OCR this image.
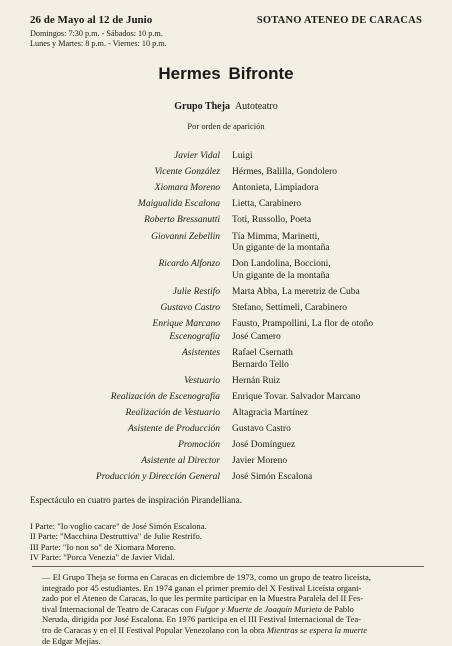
26 de Mayo al 12 de Junio
Domingos: 7:30 p.m. - Sábados: 10 p.m.
Lunes y Martes: 8 p.m. - Viernes: 10 p.m.
SOTANO ATENEO DE CARACAS
Hermes Bifronte
Grupo Theja Autoteatro
Por orden de aparición
Javier Vidal Luigi
Vicente González Hérmes, Balilla, Gondolero
Xiomara Moreno Antonieta, Limpiadora
Maigualida Escalona Lietta, Carabinero
Roberto Bressanutti Toti, Russollo, Poeta
Giovanni Zebellin Tía Mimma, Marinetti,
Un gigante de la montaña
Ricardo Alfonzo Don Landolina, Boccioni,
Un gigante de la montaña
Julie Restifo Marta Abba, La meretriz de Cuba
Gustavo Castro Stefano, Settimeli, Carabinero
Enrique Marcano Fausto, Prampollini, La flor de otoño
Escenografía José Camero
Asistentes Rafael Csernath
Bernardo Tello
Vestuario Hernán Ruiz
Realización de Escenografía Enrique Tovar. Salvador Marcano
Realización de Vestuario Altagracia Martínez
Asistente de Producción Gustavo Castro
Promoción José Domínguez
Asistente al Director Javier Moreno
Producción y Dirección General José Simón Escalona
Espectáculo en cuatro partes de inspiración Pirandelliana.
I Parte: "Io voglio cacare" de José Simón Escalona.
II Parte: "Macchina Destruttiva" de Julie Restrifo.
III Parte: "Io non so" de Xiomara Moreno.
IV Parte: "Porca Venezia" de Javier Vidal.
— El Grupo Theja se forma en Caracas en diciembre de 1973, como un grupo de teatro liceísta,
integrado por 45 estudiantes. En 1974 ganan el primer premio del X Festival Liceísta organi-
zado por el Ateneo de Caracas, lo que les permite participar en la Muestra Paralela del II Fes-
tival Internacional de Teatro de Caracas con Fulgor y Muerte de Joaquín Murieta de Pablo
Neruda, dirigida por José Escalona. En 1976 participa en el III Festival Internacional de Tea-
tro de Caracas y en el II Festival Popular Venezolano con la obra Mientras se espera la muerte
de Edgar Mejías.
